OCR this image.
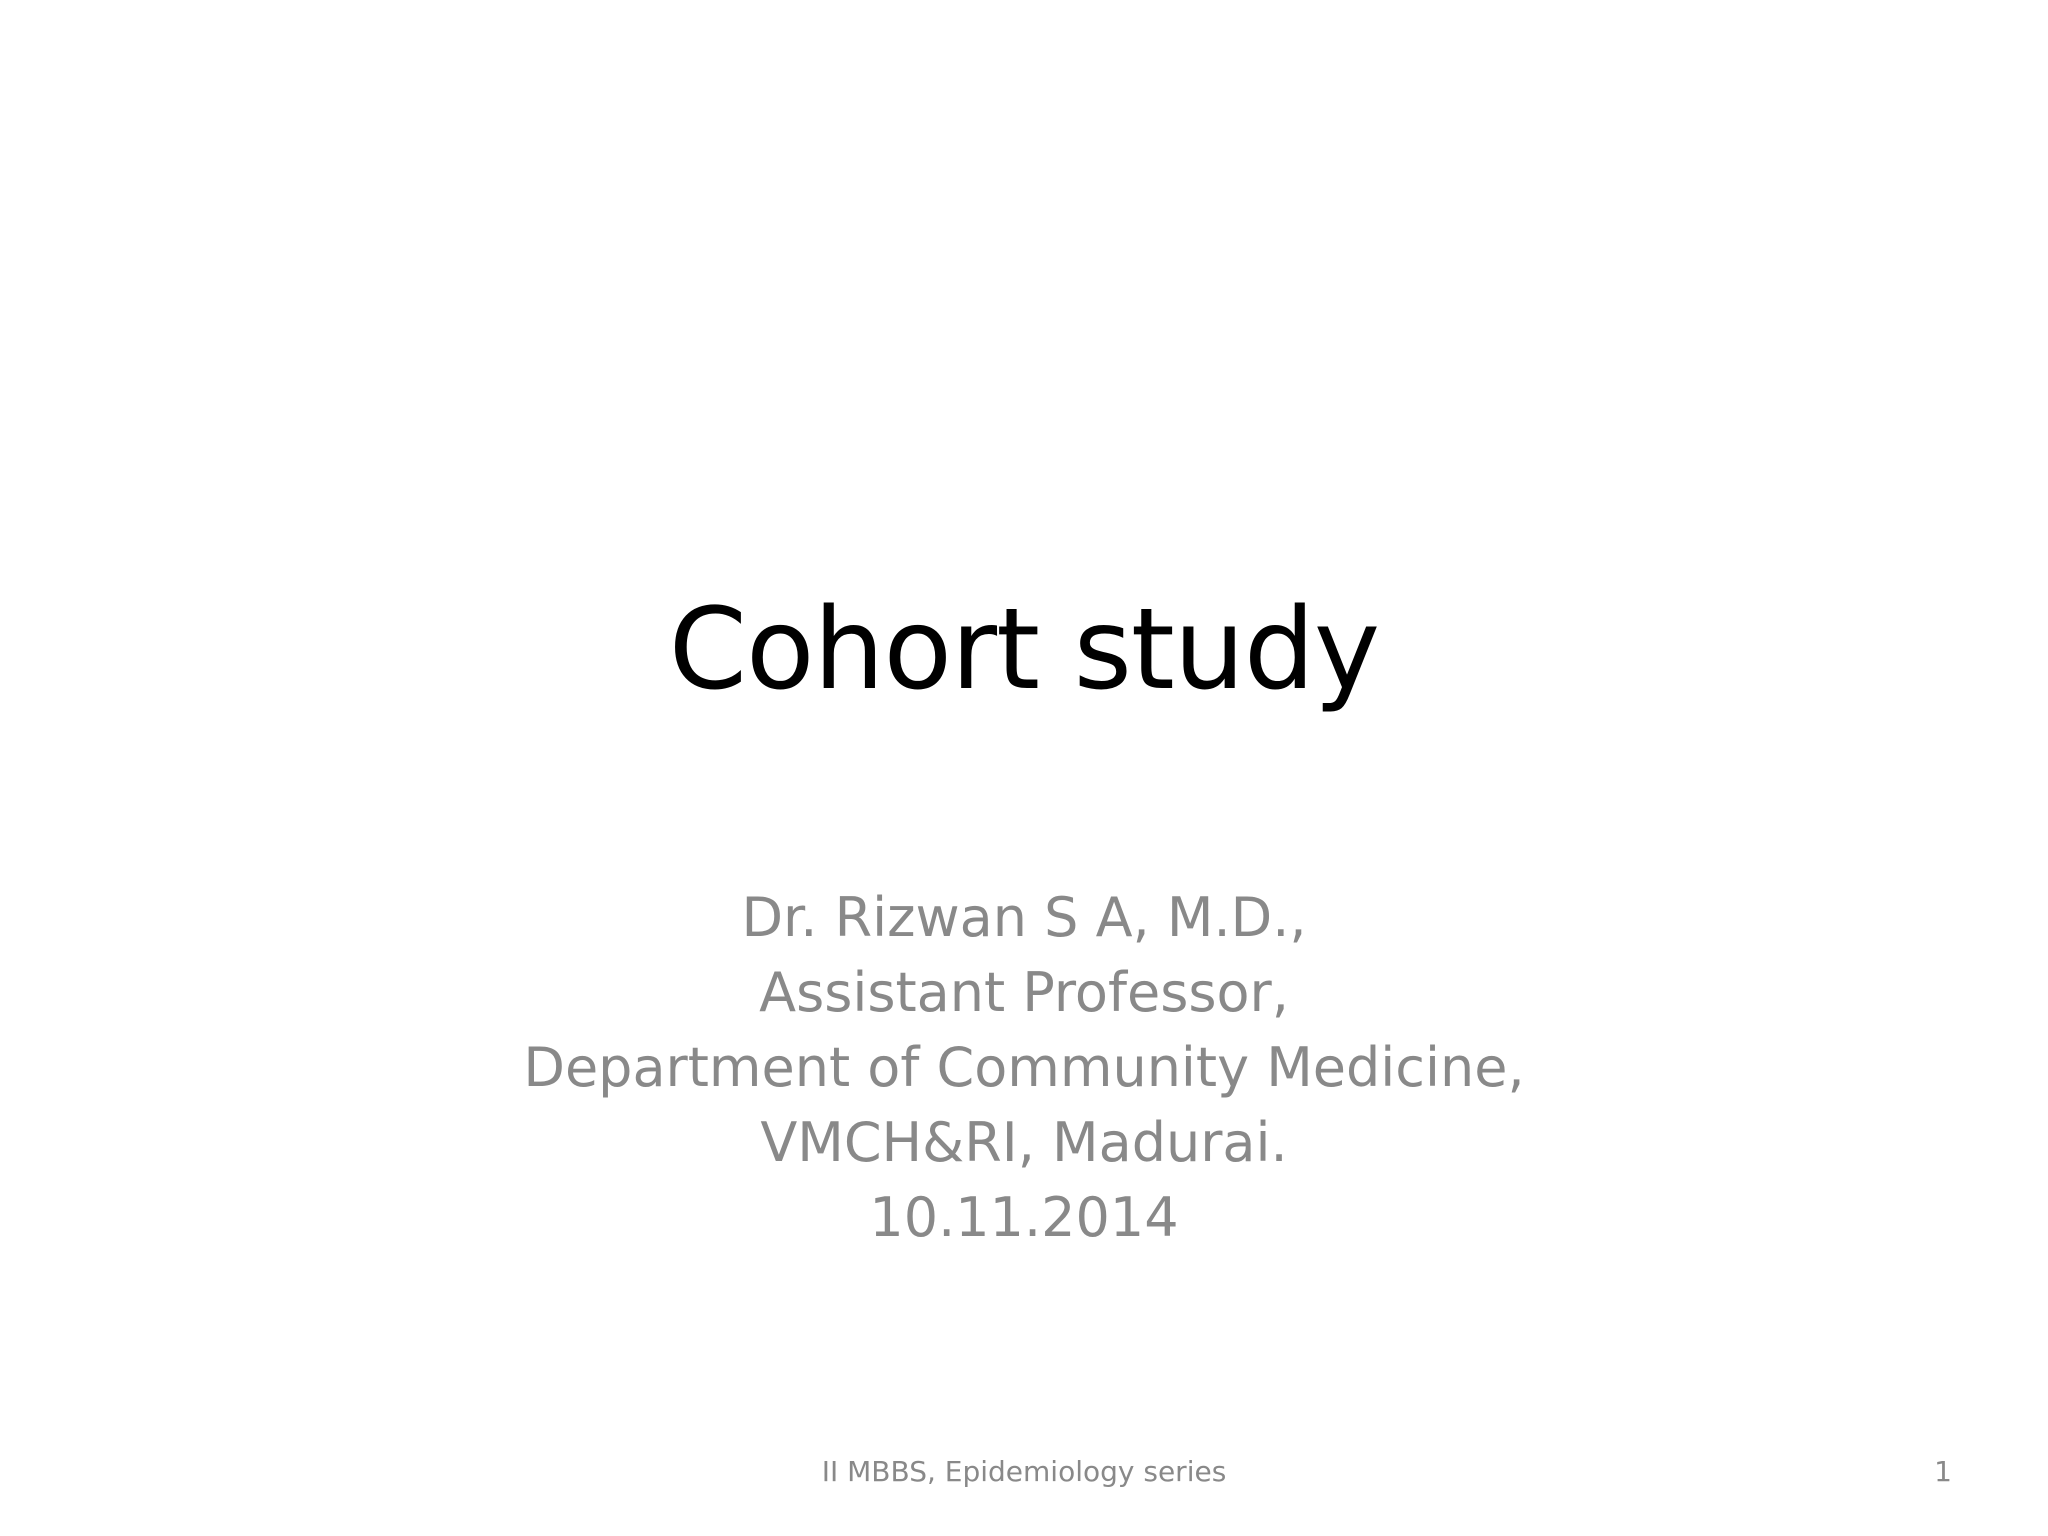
Cohort study
Dr. Rizwan S A, M.D.,
Assistant Professor,
Department of Community Medicine,
VMCH&RI, Madurai.
10.11.2014
II MBBS, Epidemiology series	1
